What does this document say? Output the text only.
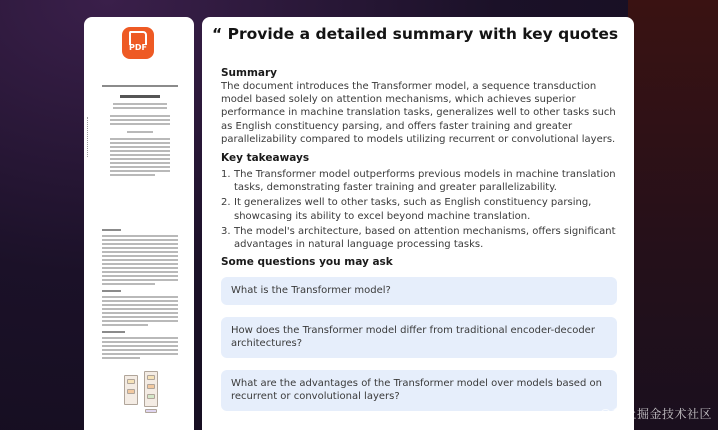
PDF
“ Provide a detailed summary with key quotes
Summary
The document introduces the Transformer model, a sequence transduction model based solely on attention mechanisms, which achieves superior performance in machine translation tasks, generalizes well to other tasks such as English constituency parsing, and offers faster training and greater parallelizability compared to models utilizing recurrent or convolutional layers.
Key takeaways
1. The Transformer model outperforms previous models in machine translation tasks, demonstrating faster training and greater parallelizability.
2. It generalizes well to other tasks, such as English constituency parsing, showcasing its ability to excel beyond machine translation.
3. The model's architecture, based on attention mechanisms, offers significant advantages in natural language processing tasks.
Some questions you may ask
What is the Transformer model?
How does the Transformer model differ from traditional encoder-decoder architectures?
What are the advantages of the Transformer model over models based on recurrent or convolutional layers?
@稀土掘金技术社区
